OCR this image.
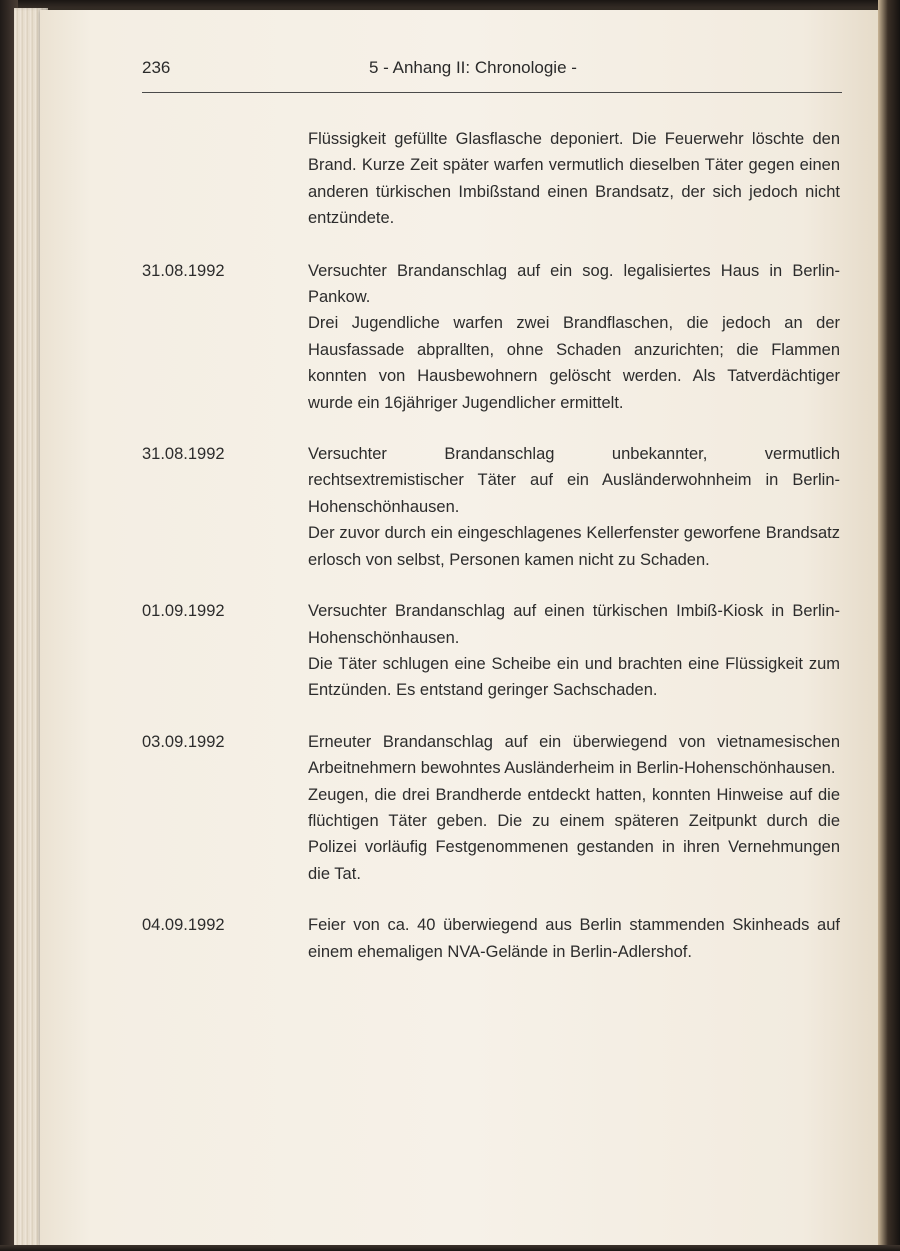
236	5 - Anhang II: Chronologie -

Flüssigkeit gefüllte Glasflasche deponiert. Die Feuerwehr löschte den Brand. Kurze Zeit später warfen vermutlich dieselben Täter gegen einen anderen türkischen Imbißstand einen Brandsatz, der sich jedoch nicht entzündete.

31.08.1992	Versuchter Brandanschlag auf ein sog. legalisiertes Haus in Berlin-Pankow.

Drei Jugendliche warfen zwei Brandflaschen, die jedoch an der Hausfassade abprallten, ohne Schaden anzurichten; die Flammen konnten von Hausbewohnern gelöscht werden. Als Tatverdächtiger wurde ein 16jähriger Jugendlicher ermittelt.

31.08.1992	Versuchter Brandanschlag unbekannter, vermutlich rechtsextremistischer Täter auf ein Ausländerwohnheim in Berlin-Hohenschönhausen.

Der zuvor durch ein eingeschlagenes Kellerfenster geworfene Brandsatz erlosch von selbst, Personen kamen nicht zu Schaden.

01.09.1992	Versuchter Brandanschlag auf einen türkischen Imbiß-Kiosk in Berlin-Hohenschönhausen.

Die Täter schlugen eine Scheibe ein und brachten eine Flüssigkeit zum Entzünden. Es entstand geringer Sachschaden.

03.09.1992	Erneuter Brandanschlag auf ein überwiegend von vietnamesischen Arbeitnehmern bewohntes Ausländerheim in Berlin-Hohenschönhausen.

Zeugen, die drei Brandherde entdeckt hatten, konnten Hinweise auf die flüchtigen Täter geben. Die zu einem späteren Zeitpunkt durch die Polizei vorläufig Festgenommenen gestanden in ihren Vernehmungen die Tat.

04.09.1992	Feier von ca. 40 überwiegend aus Berlin stammenden Skinheads auf einem ehemaligen NVA-Gelände in Berlin-Adlershof.
